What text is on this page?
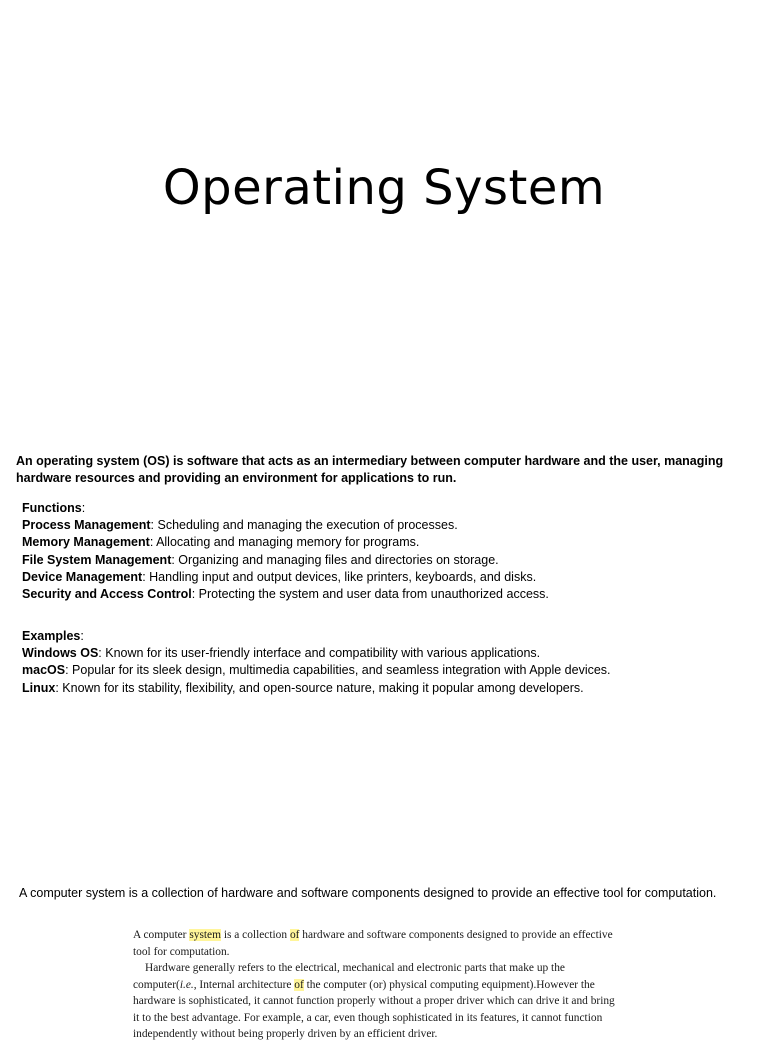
Operating System

An operating system (OS) is software that acts as an intermediary between computer hardware and the user, managing hardware resources and providing an environment for applications to run.

Functions:
Process Management: Scheduling and managing the execution of processes.
Memory Management: Allocating and managing memory for programs.
File System Management: Organizing and managing files and directories on storage.
Device Management: Handling input and output devices, like printers, keyboards, and disks.
Security and Access Control: Protecting the system and user data from unauthorized access.
Examples:
Windows OS: Known for its user-friendly interface and compatibility with various applications.
macOS: Popular for its sleek design, multimedia capabilities, and seamless integration with Apple devices.
Linux: Known for its stability, flexibility, and open-source nature, making it popular among developers.

A computer system is a collection of hardware and software components designed to provide an effective tool for computation.

A computer system is a collection of hardware and software components designed to provide an effective tool for computation.

Hardware generally refers to the electrical, mechanical and electronic parts that make up the computer(i.e., Internal architecture of the computer (or) physical computing equipment).However the hardware is sophisticated, it cannot function properly without a proper driver which can drive it and bring it to the best advantage. For example, a car, even though sophisticated in its features, it cannot function independently without being properly driven by an efficient driver.
